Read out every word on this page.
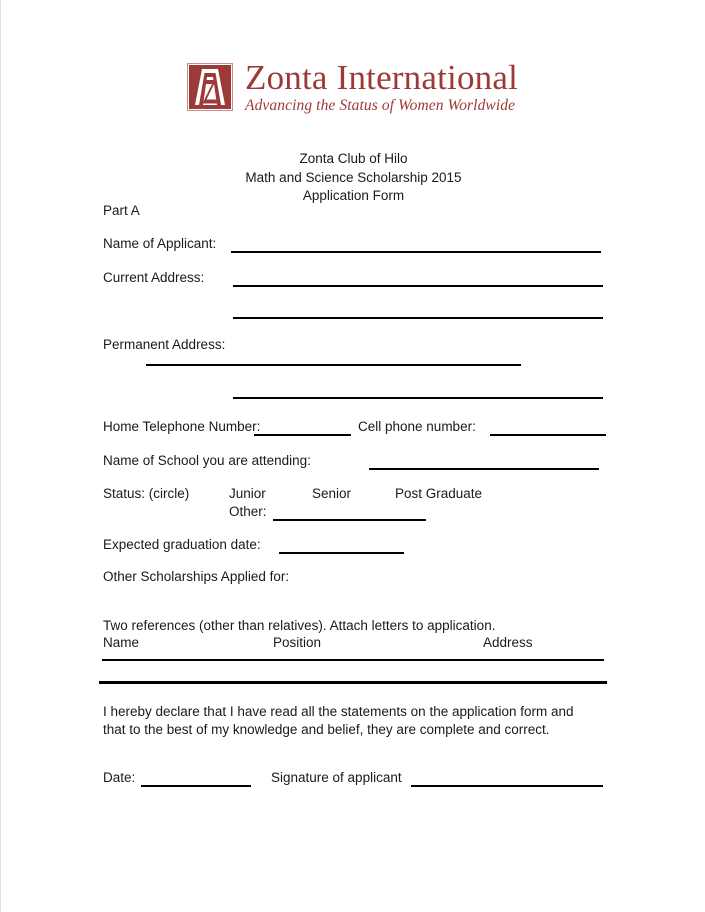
Zonta International
Advancing the Status of Women Worldwide
Zonta Club of Hilo
Math and Science Scholarship 2015
Application Form
Part A
Name of Applicant:
Current Address:
Permanent Address:
Home Telephone Number:	Cell phone number:
Name of School you are attending:
Status: (circle)	Junior	Senior	Post Graduate
Other:
Expected graduation date:
Other Scholarships Applied for:
Two references (other than relatives). Attach letters to application.
Name	Position	Address
I hereby declare that I have read all the statements on the application form and
that to the best of my knowledge and belief, they are complete and correct.
Date:	Signature of applicant
